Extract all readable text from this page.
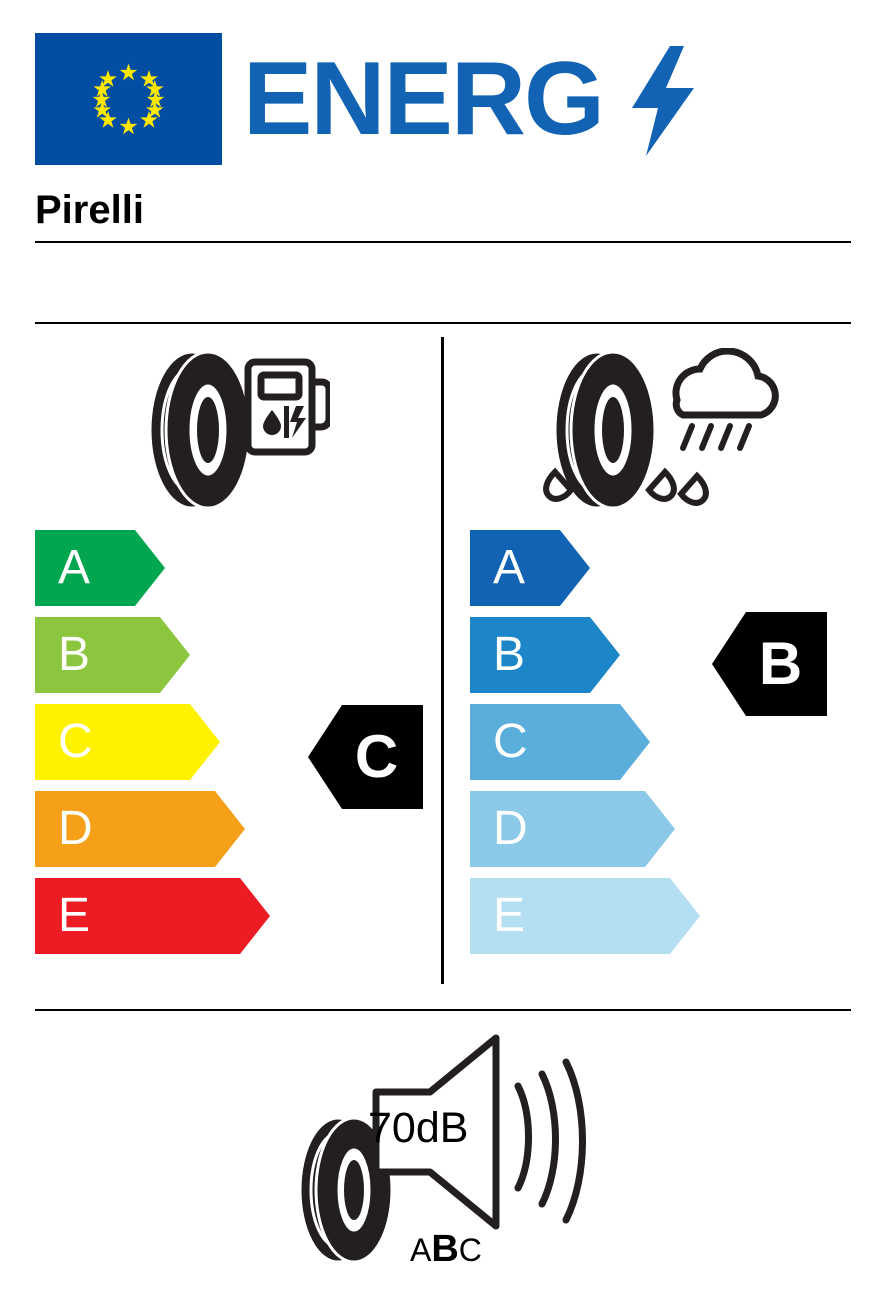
ENERG
Pirelli
A
B
C
D
E
C
A
B
C
D
E
B
70dB
ABC
